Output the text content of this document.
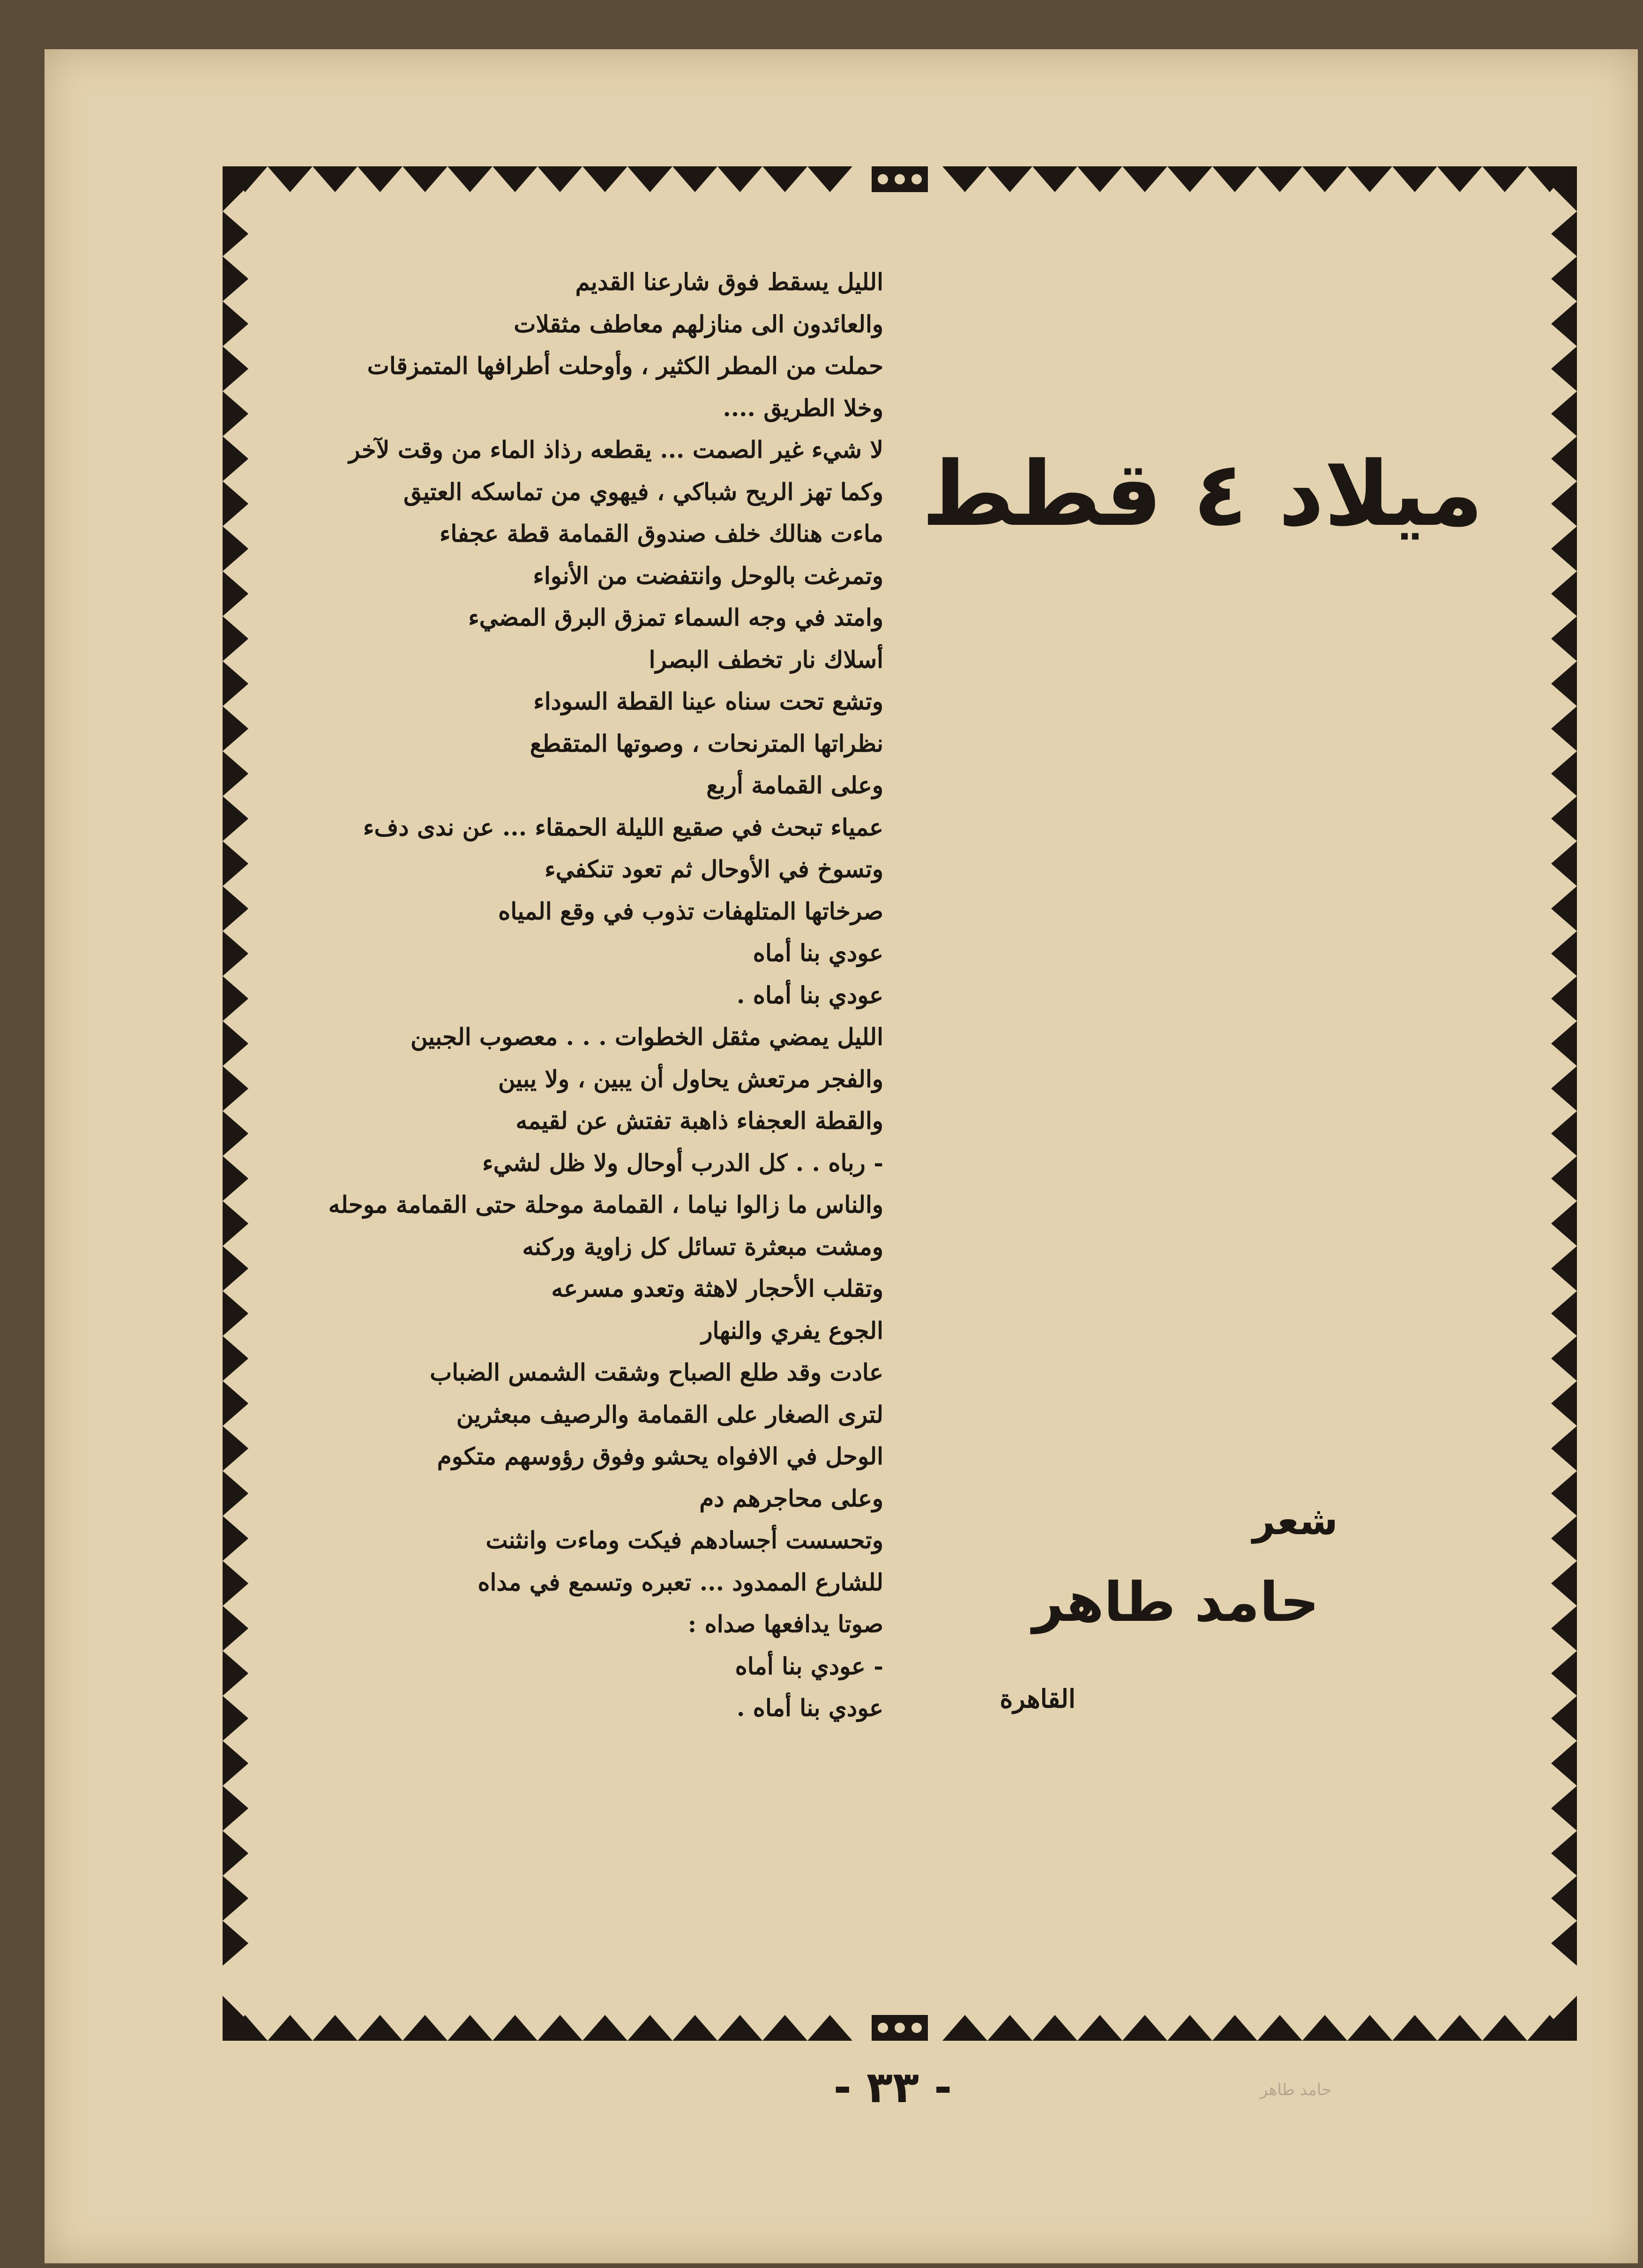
ميلاد ٤ قطط
الليل يسقط فوق شارعنا القديم
والعائدون الى منازلهم معاطف مثقلات
حملت من المطر الكثير ، وأوحلت أطرافها المتمزقات
وخلا الطريق ....
لا شيء غير الصمت ... يقطعه رذاذ الماء من وقت لآخر
وكما تهز الريح شباكي ، فيهوي من تماسكه العتيق
ماءت هنالك خلف صندوق القمامة قطة عجفاء
وتمرغت بالوحل وانتفضت من الأنواء
وامتد في وجه السماء تمزق البرق المضيء
أسلاك نار تخطف البصرا
وتشع تحت سناه عينا القطة السوداء
نظراتها المترنحات ، وصوتها المتقطع
وعلى القمامة أربع
عمياء تبحث في صقيع الليلة الحمقاء ... عن ندى دفء
وتسوخ في الأوحال ثم تعود تنكفيء
صرخاتها المتلهفات تذوب في وقع المياه
عودي بنا أماه
عودي بنا أماه .
الليل يمضي مثقل الخطوات . . . معصوب الجبين
والفجر مرتعش يحاول أن يبين ، ولا يبين
والقطة العجفاء ذاهبة تفتش عن لقيمه
- رباه . . كل الدرب أوحال ولا ظل لشيء
والناس ما زالوا نياما ، القمامة موحلة حتى القمامة موحله
ومشت مبعثرة تسائل كل زاوية وركنه
وتقلب الأحجار لاهثة وتعدو مسرعه
الجوع يفري والنهار
عادت وقد طلع الصباح وشقت الشمس الضباب
لترى الصغار على القمامة والرصيف مبعثرين
الوحل في الافواه يحشو وفوق رؤوسهم متكوم
وعلى محاجرهم دم
وتحسست أجسادهم فيكت وماءت وانثنت
للشارع الممدود ... تعبره وتسمع في مداه
صوتا يدافعها صداه :
- عودي بنا أماه
عودي بنا أماه .
شعر
حامد طاهر
القاهرة
- ٣٣ -	حامد طاهر
